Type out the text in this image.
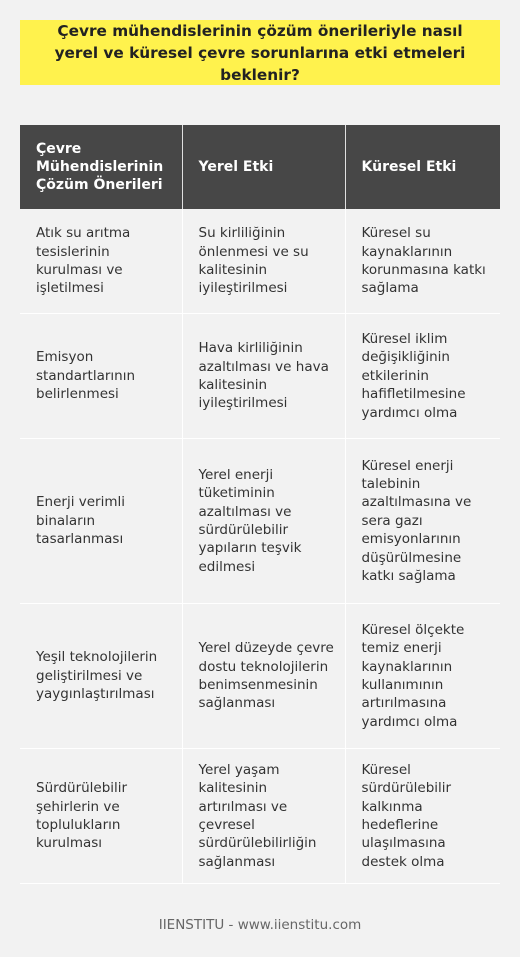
Çevre mühendislerinin çözüm önerileriyle nasıl yerel ve küresel çevre sorunlarına etki etmeleri beklenir?
Çevre Mühendislerinin Çözüm Önerileri	Yerel Etki	Küresel Etki
Atık su arıtma tesislerinin kurulması ve işletilmesi	Su kirliliğinin önlenmesi ve su kalitesinin iyileştirilmesi	Küresel su kaynaklarının korunmasına katkı sağlama
Emisyon standartlarının belirlenmesi	Hava kirliliğinin azaltılması ve hava kalitesinin iyileştirilmesi	Küresel iklim değişikliğinin etkilerinin hafifletilmesine yardımcı olma
Enerji verimli binaların tasarlanması	Yerel enerji tüketiminin azaltılması ve sürdürülebilir yapıların teşvik edilmesi	Küresel enerji talebinin azaltılmasına ve sera gazı emisyonlarının düşürülmesine katkı sağlama
Yeşil teknolojilerin geliştirilmesi ve yaygınlaştırılması	Yerel düzeyde çevre dostu teknolojilerin benimsenmesinin sağlanması	Küresel ölçekte temiz enerji kaynaklarının kullanımının artırılmasına yardımcı olma
Sürdürülebilir şehirlerin ve toplulukların kurulması	Yerel yaşam kalitesinin artırılması ve çevresel sürdürülebilirliğin sağlanması	Küresel sürdürülebilir kalkınma hedeflerine ulaşılmasına destek olma
IIENSTITU - www.iienstitu.com
